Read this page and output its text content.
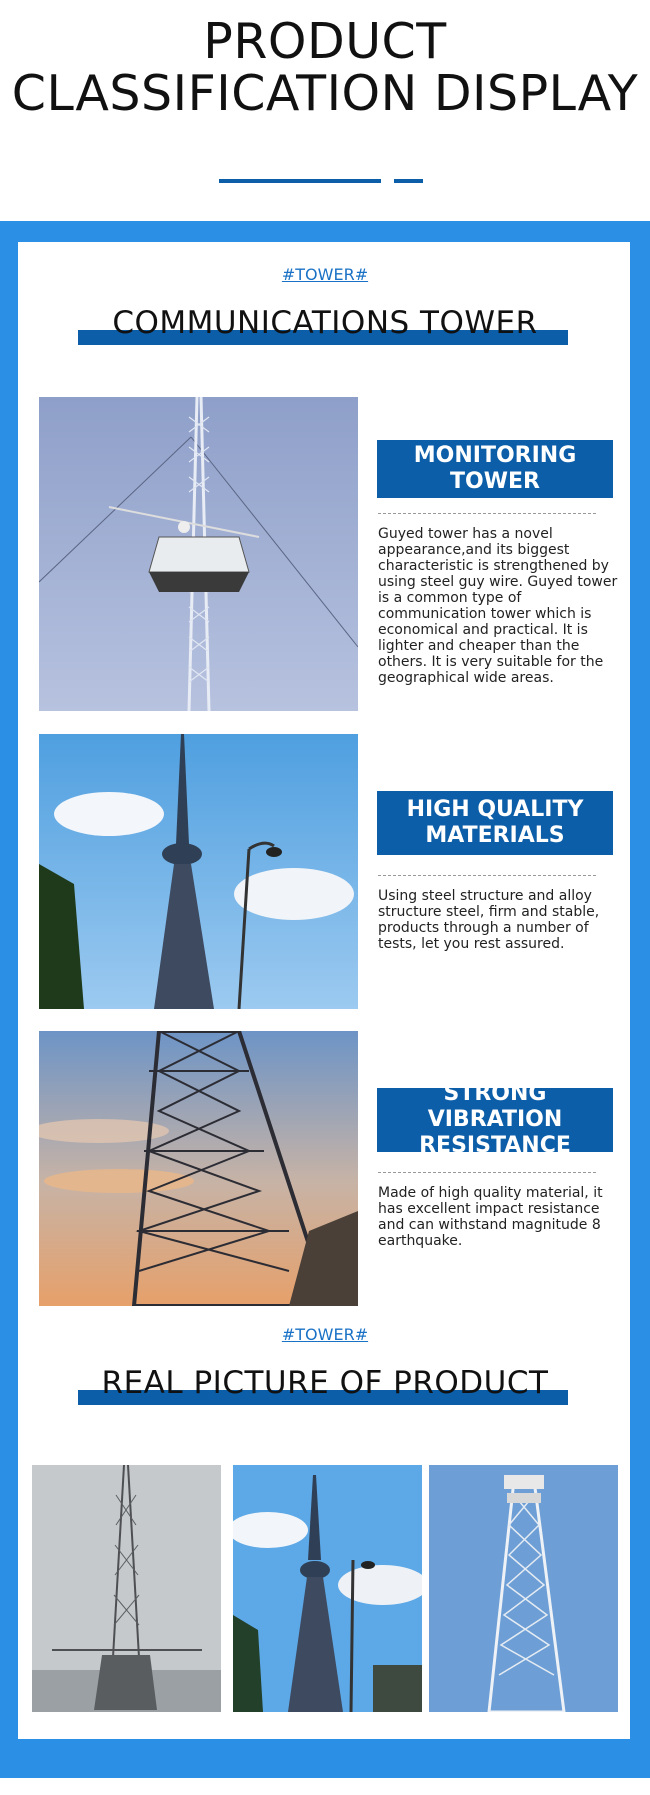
PRODUCT
CLASSIFICATION DISPLAY
#TOWER#
COMMUNICATIONS TOWER
MONITORING
TOWER
Guyed tower has a novel appearance,and its biggest characteristic is strengthened by using steel guy wire. Guyed tower is a common type of communication tower which is economical and practical. It is lighter and cheaper than the others. It is very suitable for the geographical wide areas.
HIGH QUALITY
MATERIALS
Using steel structure and alloy structure steel, firm and stable, products through a number of tests, let you rest assured.
STRONG VIBRATION
RESISTANCE
Made of high quality material, it has excellent impact resistance and can withstand magnitude 8 earthquake.
#TOWER#
REAL PICTURE OF PRODUCT
